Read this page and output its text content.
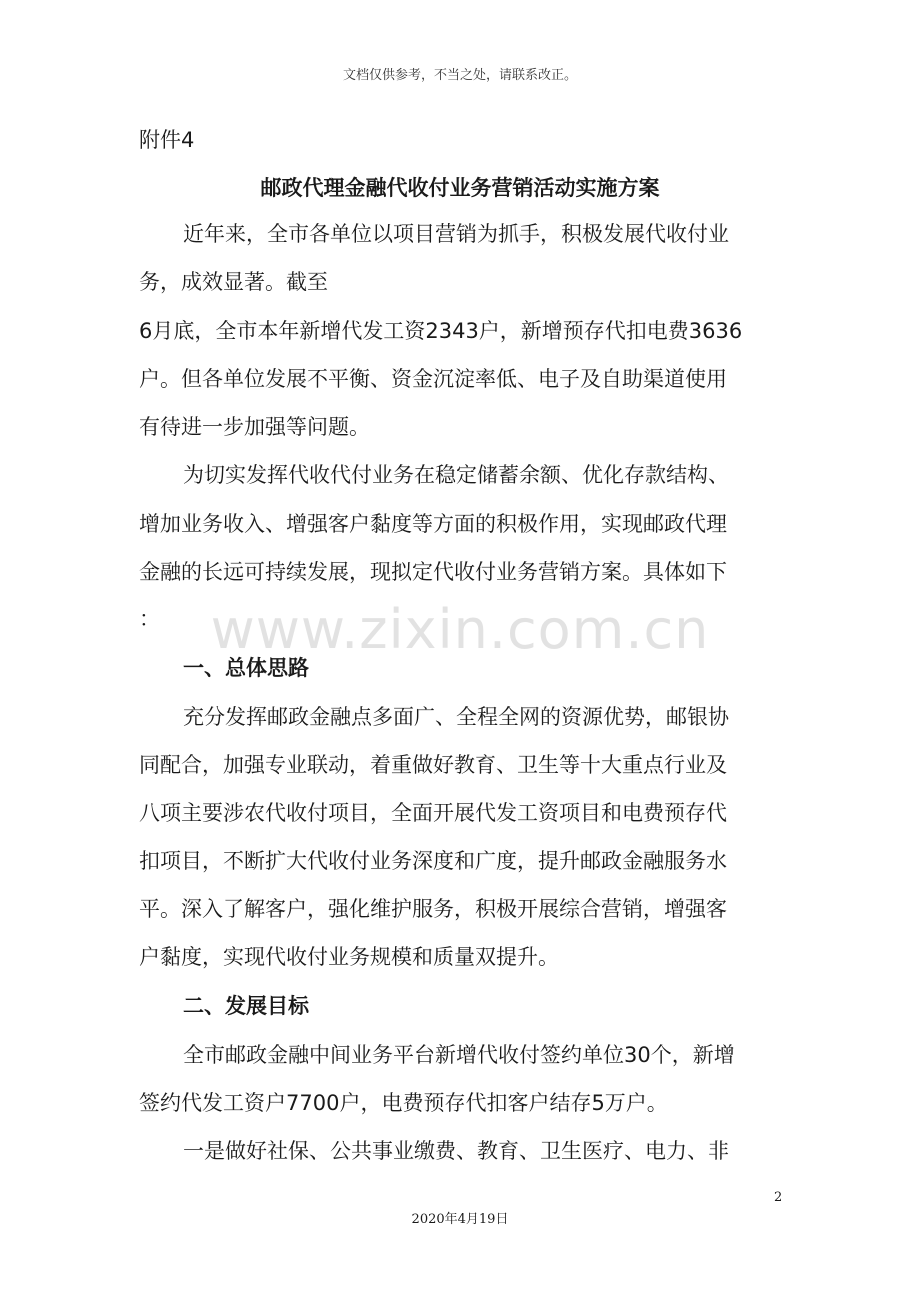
文档仅供参考，不当之处，请联系改正。
附件4
邮政代理金融代收付业务营销活动实施方案
近年来，全市各单位以项目营销为抓手，积极发展代收付业
务，成效显著。截至
6月底，全市本年新增代发工资2343户，新增预存代扣电费3636
户。但各单位发展不平衡、资金沉淀率低、电子及自助渠道使用
有待进一步加强等问题。
为切实发挥代收代付业务在稳定储蓄余额、优化存款结构、
增加业务收入、增强客户黏度等方面的积极作用，实现邮政代理
金融的长远可持续发展，现拟定代收付业务营销方案。具体如下
： www.zixin.com.cn
一、总体思路
充分发挥邮政金融点多面广、全程全网的资源优势，邮银协
同配合，加强专业联动，着重做好教育、卫生等十大重点行业及
八项主要涉农代收付项目，全面开展代发工资项目和电费预存代
扣项目，不断扩大代收付业务深度和广度，提升邮政金融服务水
平。深入了解客户，强化维护服务，积极开展综合营销，增强客
户黏度，实现代收付业务规模和质量双提升。
二、发展目标
全市邮政金融中间业务平台新增代收付签约单位30个，新增
签约代发工资户7700户，电费预存代扣客户结存5万户。
一是做好社保、公共事业缴费、教育、卫生医疗、电力、非
2
2020年4月19日
